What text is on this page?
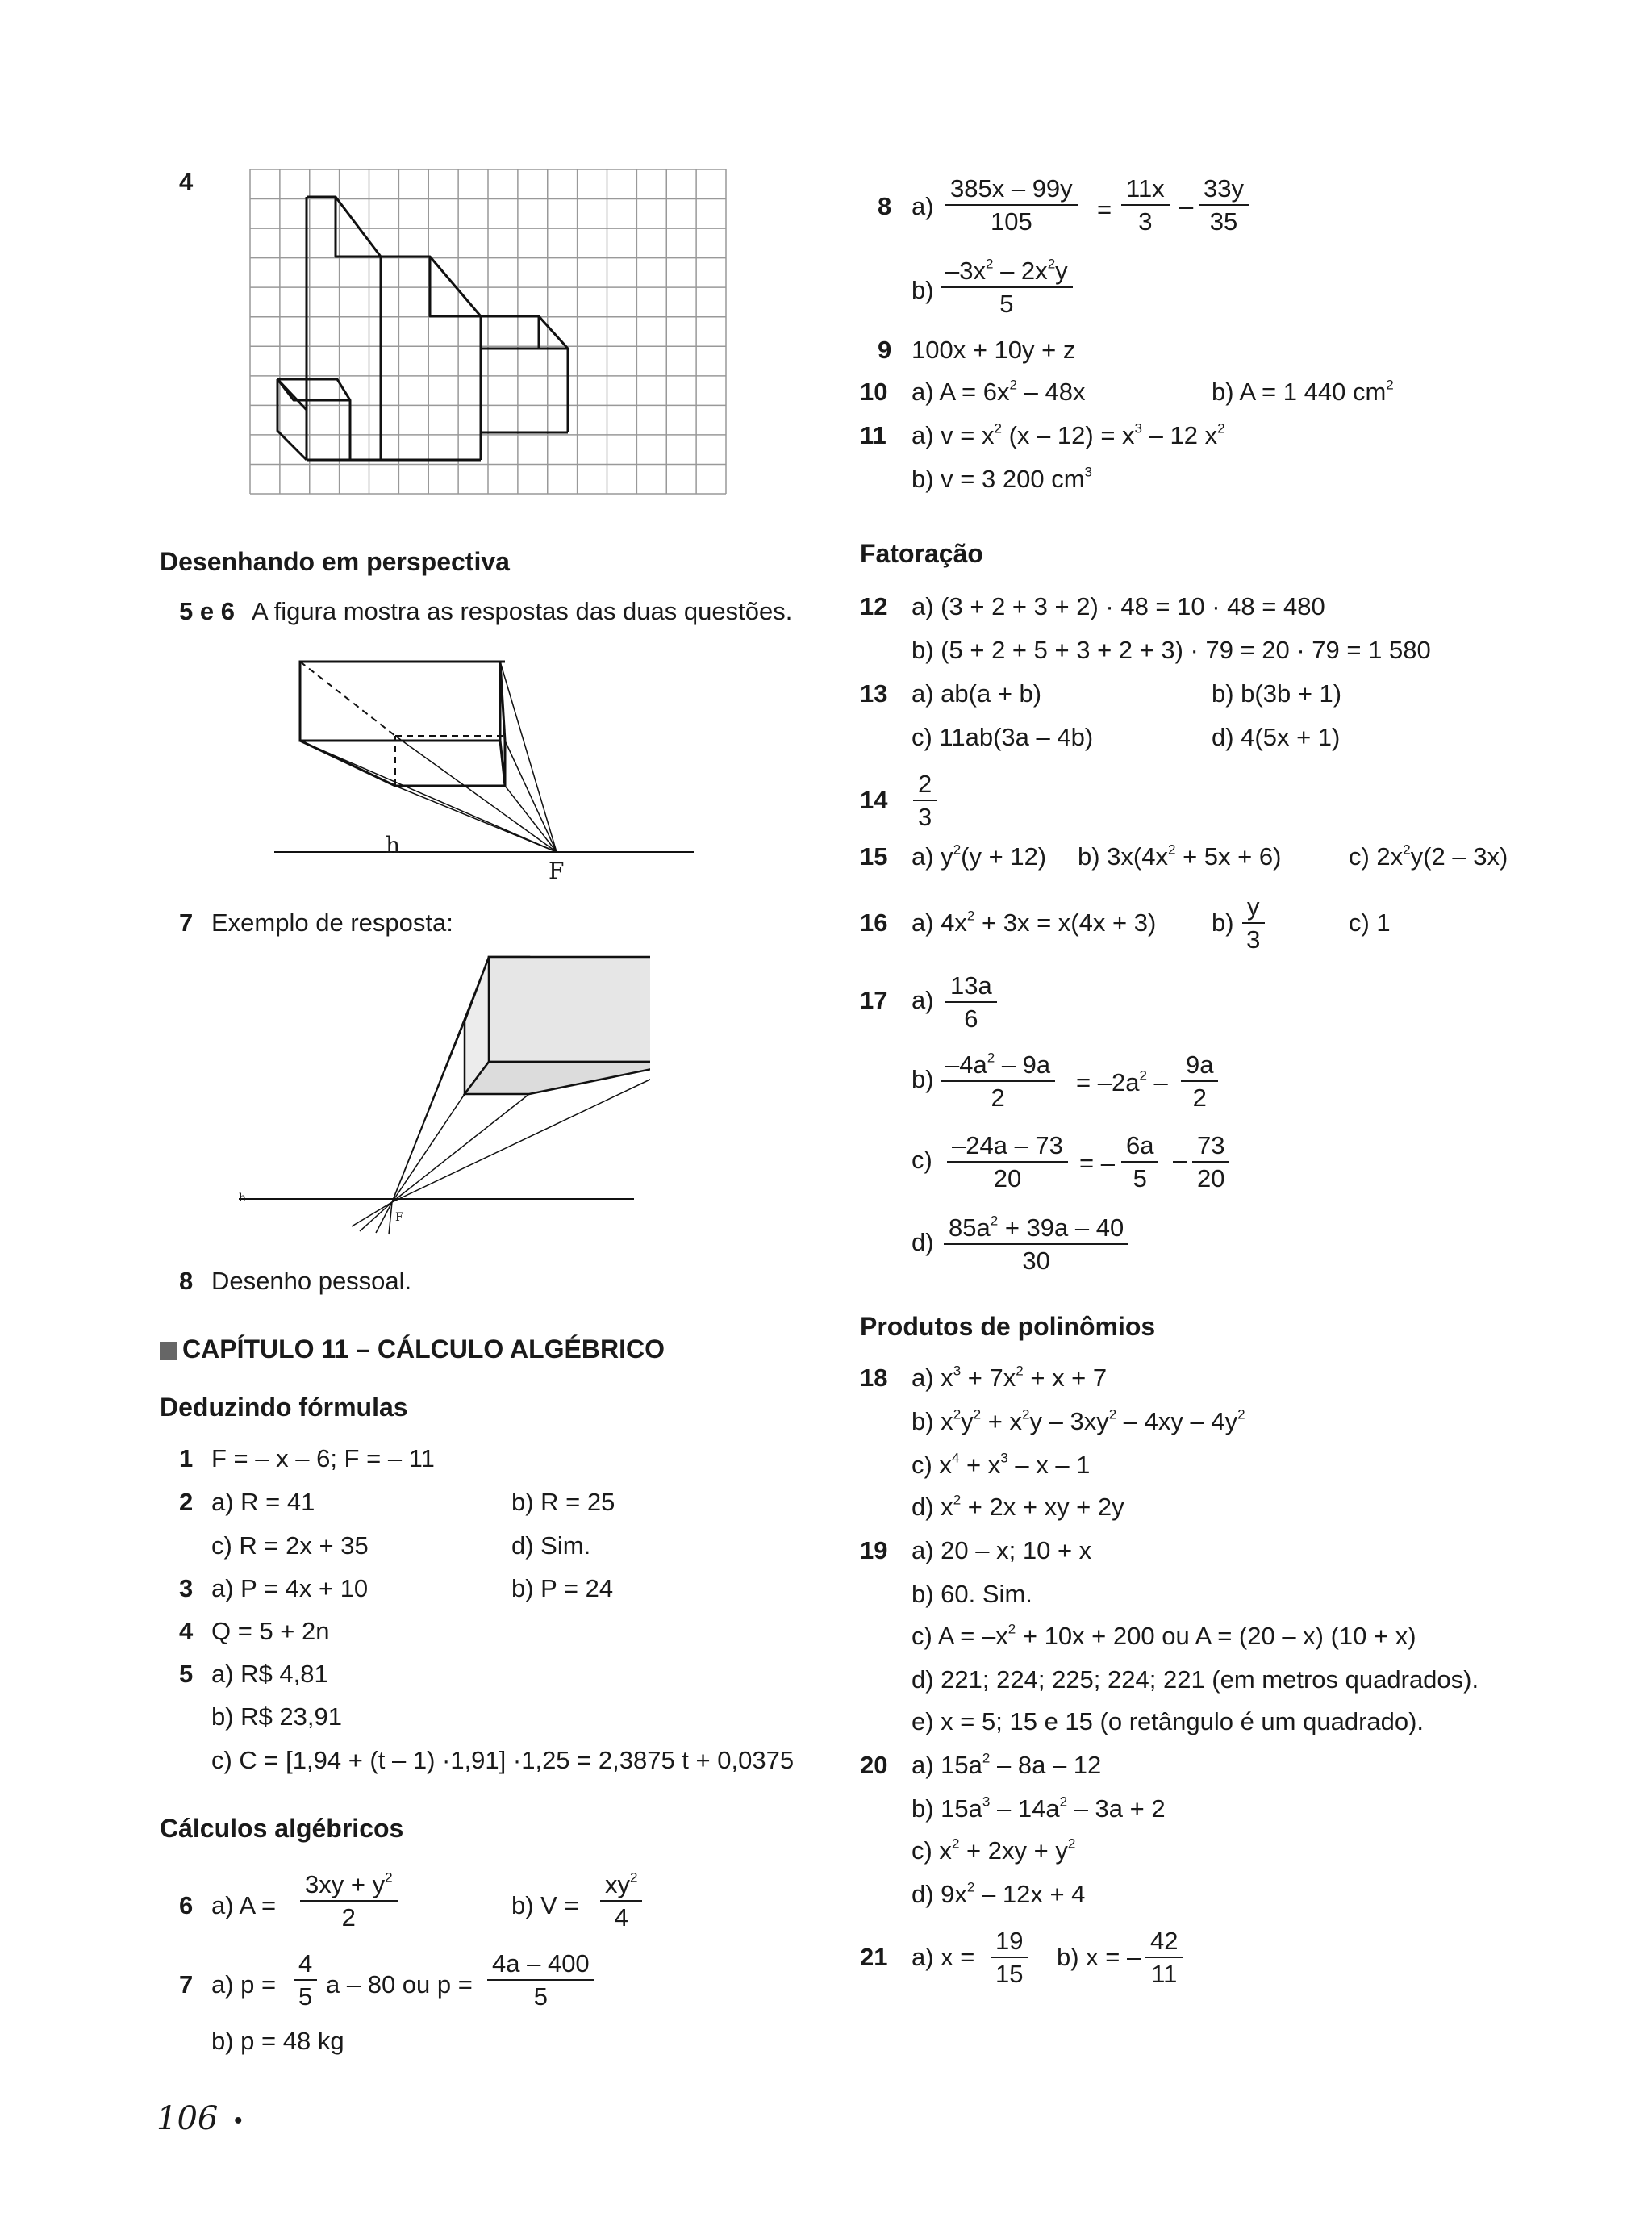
4
Desenhando em perspectiva
5 e 6 A figura mostra as respostas das duas questões.
h
F
7 Exemplo de resposta:
h
F
8 Desenho pessoal.
CAPÍTULO 11 – CÁLCULO ALGÉBRICO
Deduzindo fórmulas
1 F = – x – 6; F = – 11
2 a) R = 41	b) R = 25
c) R = 2x + 35	d) Sim.
3 a) P = 4x + 10	b) P = 24
4 Q = 5 + 2n
5 a) R$ 4,81
b) R$ 23,91
c) C = [1,94 + (t – 1) ·1,91] ·1,25 = 2,3875 t + 0,0375
Cálculos algébricos
6 a) $A = \frac{3xy + y^2}{2}$	b) $V = \frac{xy^2}{4}$
7 a) $p = \frac{4}{5}$ a – 80 ou $p = \frac{4a - 400}{5}$
b) p = 48 kg
106 •
8 $a) \frac{385x - 99y}{105} = \frac{11x}{3} - \frac{33y}{35}$
$b) \frac{-3x^2 - 2x^2y}{5}$
9 100x + 10y + z
10 a) $A = 6x^2 - 48x$	b) A = 1 440 $cm^2$
11 a) $v = x^2$ $(x - 12) = x^3 - 12$ $x^2$
b) v = 3 200 $cm^3$
Fatoração
12 a) (3 + 2 + 3 + 2) · 48 = 10 · 48 = 480
b) (5 + 2 + 5 + 3 + 2 + 3) · 79 = 20 · 79 = 1 580
13 a) ab(a + b)	b) b(3b + 1)
c) 11ab(3a – 4b)	d) 4(5x + 1)
$14 \frac{2}{3}$
15 a) $y^2(y + 12)$ b) $3x(4x^2 + 5x + 6)$	c) $2x^2y(2 - 3x)$
16 a) $4x^2 + 3x = x(4x + 3)$ $b) \frac{y}{3}$	c) 1
17 $a) \frac{13a}{6}$
$b) \frac{-4a^2 - 9a}{2} = -2a^2 - \frac{9a}{2}$
$c) \frac{-24a - 73}{20}$ = – $\frac{6a}{5} - \frac{73}{20}$
$d) \frac{85a^2 + 39a - 40}{30}$
Produtos de polinômios
18 a) $x^3 + 7x^2 + x + 7$
b) $x^2y^2 + x^2y - 3xy^2 - 4xy - 4y^2$
c) $x^4 + x^3 - x - 1$
d) $x^2 + 2x$ + xy + 2y
19 a) 20 – x; 10 + x
b) 60. Sim.
c) $A = -x^2 + 10x + 200$ ou A = (20 – x) (10 + x)
d) 221; 224; 225; 224; 221 (em metros quadrados).
e) x = 5; 15 e 15 (o retângulo é um quadrado).
20 a) $15a^2 - 8a - 12$
b) $15a^3 - 14a^2 - 3a + 2$
c) $x^2 + 2xy + y^2$
d) $9x^2 - 12x + 4$
21 a) $x = \frac{19}{15} b$) x = – $\frac{42}{11}$
